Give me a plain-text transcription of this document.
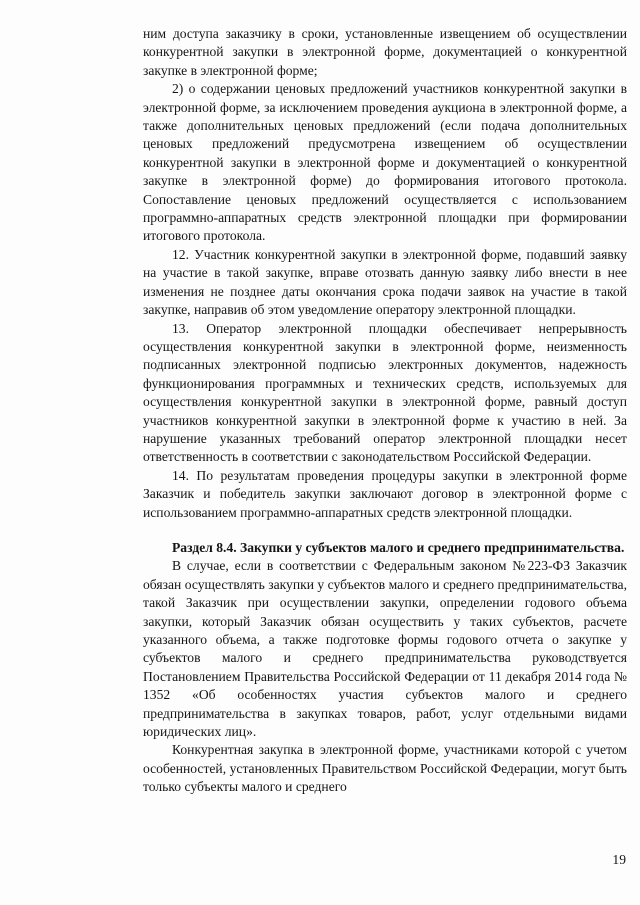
ним доступа заказчику в сроки, установленные извещением об осуществлении конкурентной закупки в электронной форме, документацией о конкурентной закупке в электронной форме;

2) о содержании ценовых предложений участников конкурентной закупки в электронной форме, за исключением проведения аукциона в электронной форме, а также дополнительных ценовых предложений (если подача дополнительных ценовых предложений предусмотрена извещением об осуществлении конкурентной закупки в электронной форме и документацией о конкурентной закупке в электронной форме) до формирования итогового протокола. Сопоставление ценовых предложений осуществляется с использованием программно-аппаратных средств электронной площадки при формировании итогового протокола.

12. Участник конкурентной закупки в электронной форме, подавший заявку на участие в такой закупке, вправе отозвать данную заявку либо внести в нее изменения не позднее даты окончания срока подачи заявок на участие в такой закупке, направив об этом уведомление оператору электронной площадки.

13. Оператор электронной площадки обеспечивает непрерывность осуществления конкурентной закупки в электронной форме, неизменность подписанных электронной подписью электронных документов, надежность функционирования программных и технических средств, используемых для осуществления конкурентной закупки в электронной форме, равный доступ участников конкурентной закупки в электронной форме к участию в ней. За нарушение указанных требований оператор электронной площадки несет ответственность в соответствии с законодательством Российской Федерации.

14. По результатам проведения процедуры закупки в электронной форме Заказчик и победитель закупки заключают договор в электронной форме с использованием программно-аппаратных средств электронной площадки.

Раздел 8.4. Закупки у субъектов малого и среднего предпринимательства.

В случае, если в соответствии с Федеральным законом №223-ФЗ Заказчик обязан осуществлять закупки у субъектов малого и среднего предпринимательства, такой Заказчик при осуществлении закупки, определении годового объема закупки, который Заказчик обязан осуществить у таких субъектов, расчете указанного объема, а также подготовке формы годового отчета о закупке у субъектов малого и среднего предпринимательства руководствуется Постановлением Правительства Российской Федерации от 11 декабря 2014 года № 1352 «Об особенностях участия субъектов малого и среднего предпринимательства в закупках товаров, работ, услуг отдельными видами юридических лиц».

Конкурентная закупка в электронной форме, участниками которой с учетом особенностей, установленных Правительством Российской Федерации, могут быть только субъекты малого и среднего

19
